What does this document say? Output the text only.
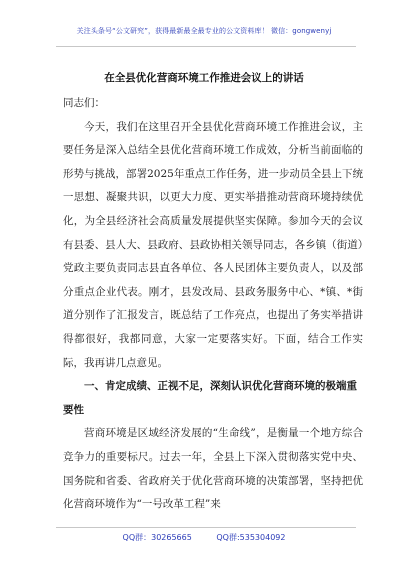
关注头条号“公文研究”，获得最新最全最专业的公文资料库！ 微信：gongwenyj
在全县优化营商环境工作推进会议上的讲话

同志们：

今天，我们在这里召开全县优化营商环境工作推进会议，主要任务是深入总结全县优化营商环境工作成效，分析当前面临的形势与挑战，部署2025年重点工作任务，进一步动员全县上下统一思想、凝聚共识，以更大力度、更实举措推动营商环境持续优化，为全县经济社会高质量发展提供坚实保障。参加今天的会议有县委、县人大、县政府、县政协相关领导同志，各乡镇（街道）党政主要负责同志县直各单位、各人民团体主要负责人，以及部分重点企业代表。刚才，县发改局、县政务服务中心、*镇、*街道分别作了汇报发言，既总结了工作亮点，也提出了务实举措讲得都很好，我都同意，大家一定要落实好。下面，结合工作实际，我再讲几点意见。

一、肯定成绩、正视不足，深刻认识优化营商环境的极端重要性

营商环境是区域经济发展的“生命线”，是衡量一个地方综合竞争力的重要标尺。过去一年，全县上下深入贯彻落实党中央、国务院和省委、省政府关于优化营商环境的决策部署，坚持把优化营商环境作为“一号改革工程”来

QQ群：30265665	QQ群:535304092
